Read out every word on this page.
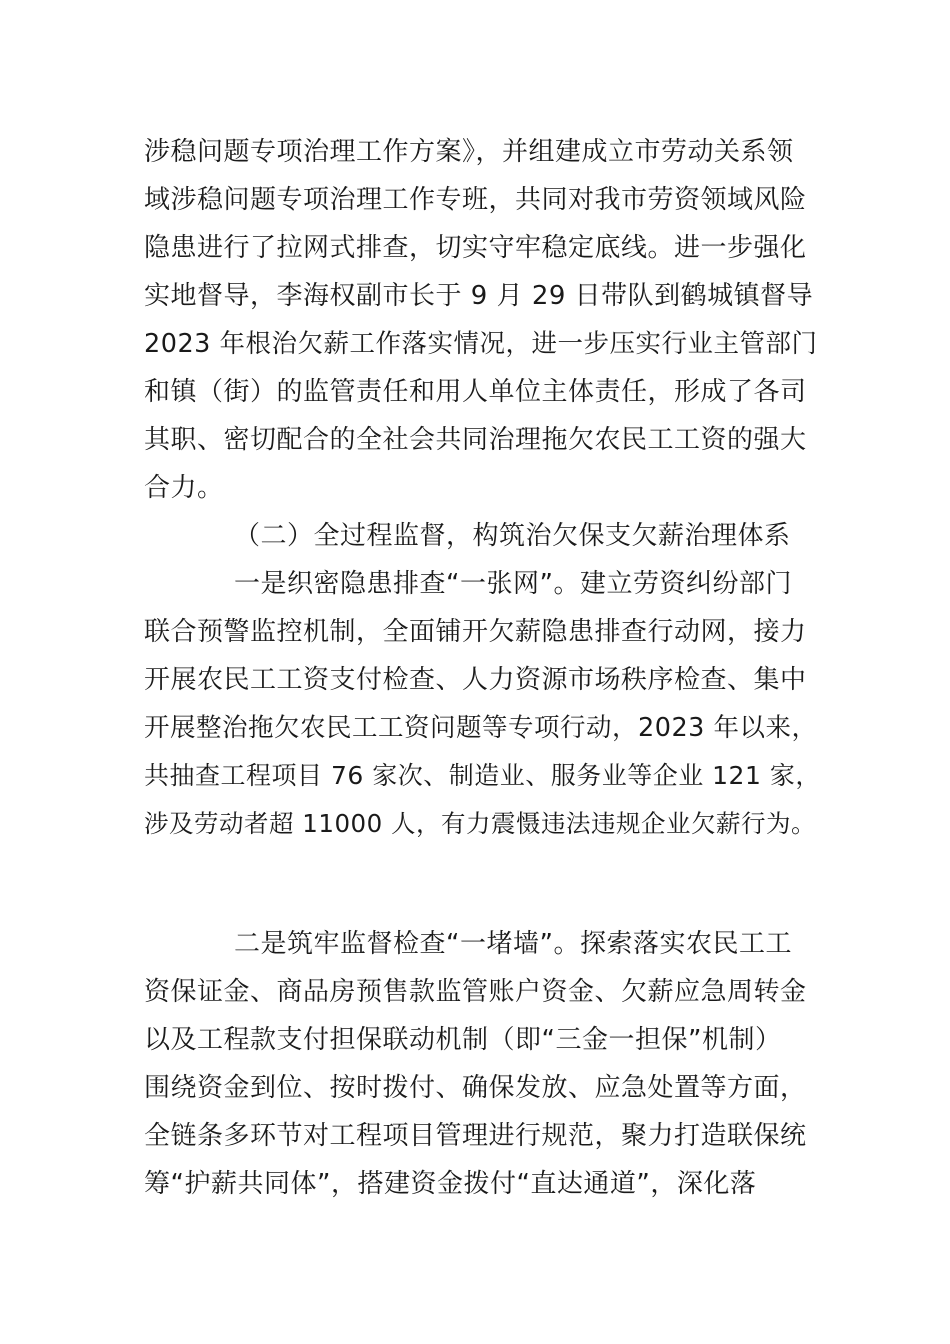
涉稳问题专项治理工作方案》，并组建成立市劳动关系领
域涉稳问题专项治理工作专班，共同对我市劳资领域风险
隐患进行了拉网式排查，切实守牢稳定底线。进一步强化
实地督导，李海权副市长于 9 月 29 日带队到鹤城镇督导
2023 年根治欠薪工作落实情况，进一步压实行业主管部门
和镇（街）的监管责任和用人单位主体责任，形成了各司
其职、密切配合的全社会共同治理拖欠农民工工资的强大
合力。
（二）全过程监督，构筑治欠保支欠薪治理体系
一是织密隐患排查“一张网”。建立劳资纠纷部门
联合预警监控机制，全面铺开欠薪隐患排查行动网，接力
开展农民工工资支付检查、人力资源市场秩序检查、集中
开展整治拖欠农民工工资问题等专项行动，2023 年以来，
共抽查工程项目 76 家次、制造业、服务业等企业 121 家，
涉及劳动者超 11000 人，有力震慑违法违规企业欠薪行为。
二是筑牢监督检查“一堵墙”。探索落实农民工工
资保证金、商品房预售款监管账户资金、欠薪应急周转金
以及工程款支付担保联动机制（即“三金一担保”机制）
围绕资金到位、按时拨付、确保发放、应急处置等方面，
全链条多环节对工程项目管理进行规范，聚力打造联保统
筹“护薪共同体”，搭建资金拨付“直达通道”，深化落
